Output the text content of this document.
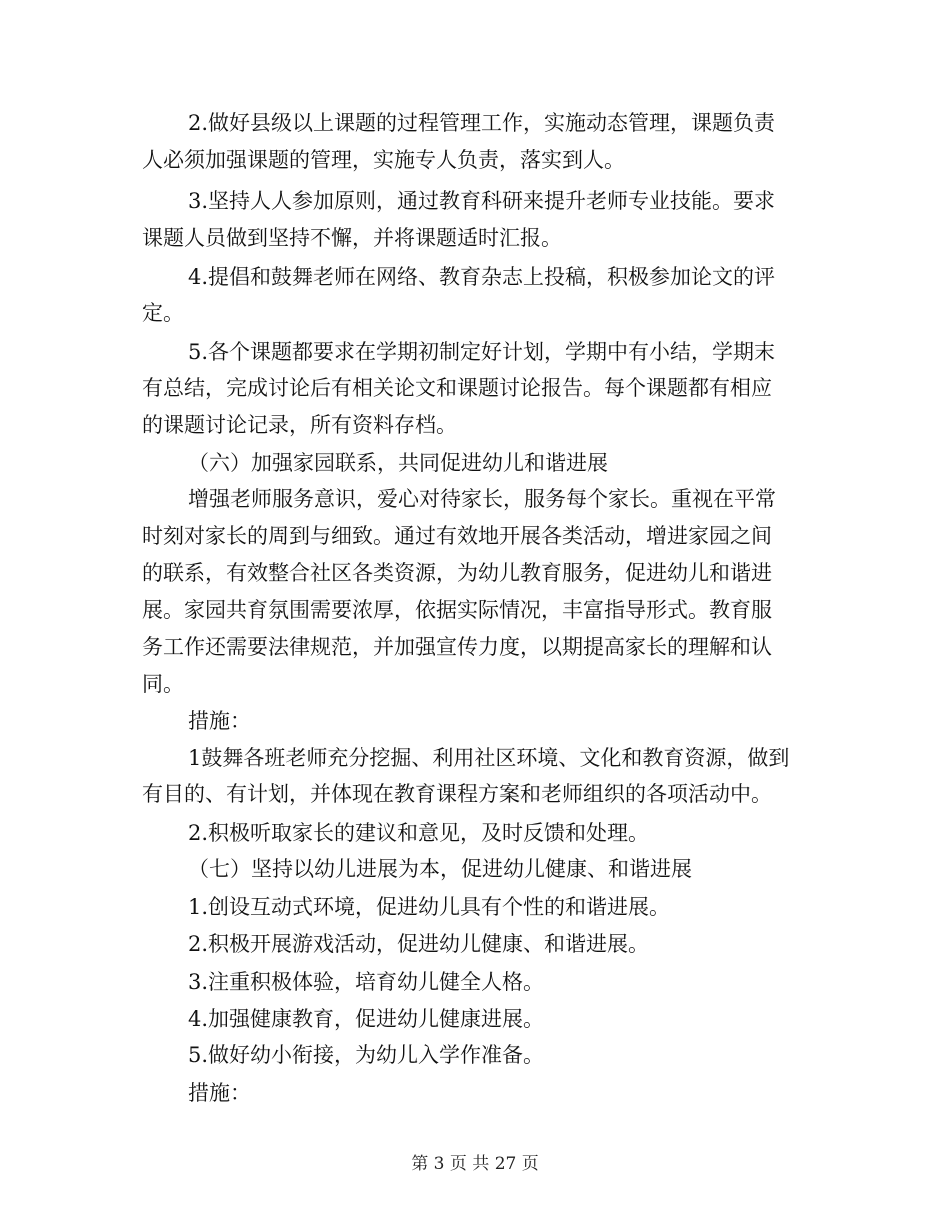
2.做好县级以上课题的过程管理工作，实施动态管理，课题负责
人必须加强课题的管理，实施专人负责，落实到人。
3.坚持人人参加原则，通过教育科研来提升老师专业技能。要求
课题人员做到坚持不懈，并将课题适时汇报。
4.提倡和鼓舞老师在网络、教育杂志上投稿，积极参加论文的评
定。
5.各个课题都要求在学期初制定好计划，学期中有小结，学期末
有总结，完成讨论后有相关论文和课题讨论报告。每个课题都有相应
的课题讨论记录，所有资料存档。
（六）加强家园联系，共同促进幼儿和谐进展
增强老师服务意识，爱心对待家长，服务每个家长。重视在平常
时刻对家长的周到与细致。通过有效地开展各类活动，增进家园之间
的联系，有效整合社区各类资源，为幼儿教育服务，促进幼儿和谐进
展。家园共育氛围需要浓厚，依据实际情况，丰富指导形式。教育服
务工作还需要法律规范，并加强宣传力度，以期提高家长的理解和认
同。
措施：
1鼓舞各班老师充分挖掘、利用社区环境、文化和教育资源，做到
有目的、有计划，并体现在教育课程方案和老师组织的各项活动中。
2.积极听取家长的建议和意见，及时反馈和处理。
（七）坚持以幼儿进展为本，促进幼儿健康、和谐进展
1.创设互动式环境，促进幼儿具有个性的和谐进展。
2.积极开展游戏活动，促进幼儿健康、和谐进展。
3.注重积极体验，培育幼儿健全人格。
4.加强健康教育，促进幼儿健康进展。
5.做好幼小衔接，为幼儿入学作准备。
措施：
第 3 页 共 27 页
